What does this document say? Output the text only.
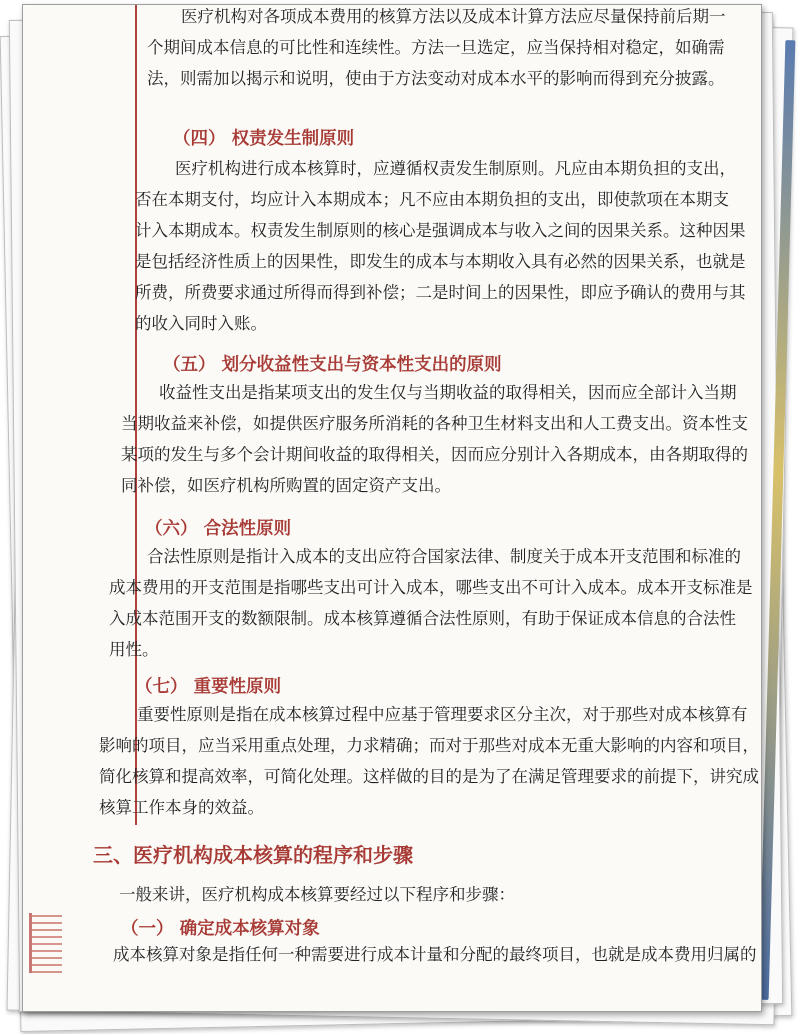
医疗机构对各项成本费用的核算方法以及成本计算方法应尽量保持前后期一
个期间成本信息的可比性和连续性。方法一旦选定，应当保持相对稳定，如确需
法，则需加以揭示和说明，使由于方法变动对成本水平的影响而得到充分披露。

（四） 权责发生制原则

医疗机构进行成本核算时，应遵循权责发生制原则。凡应由本期负担的支出，
否在本期支付，均应计入本期成本；凡不应由本期负担的支出，即使款项在本期支
计入本期成本。权责发生制原则的核心是强调成本与收入之间的因果关系。这种因果
是包括经济性质上的因果性，即发生的成本与本期收入具有必然的因果关系，也就是
所费，所费要求通过所得而得到补偿；二是时间上的因果性，即应予确认的费用与其
的收入同时入账。

（五） 划分收益性支出与资本性支出的原则

收益性支出是指某项支出的发生仅与当期收益的取得相关，因而应全部计入当期
当期收益来补偿，如提供医疗服务所消耗的各种卫生材料支出和人工费支出。资本性支
某项的发生与多个会计期间收益的取得相关，因而应分别计入各期成本，由各期取得的
同补偿，如医疗机构所购置的固定资产支出。

（六） 合法性原则

合法性原则是指计入成本的支出应符合国家法律、制度关于成本开支范围和标准的
成本费用的开支范围是指哪些支出可计入成本，哪些支出不可计入成本。成本开支标准是
入成本范围开支的数额限制。成本核算遵循合法性原则，有助于保证成本信息的合法性
用性。

（七） 重要性原则

重要性原则是指在成本核算过程中应基于管理要求区分主次，对于那些对成本核算有
影响的项目，应当采用重点处理，力求精确；而对于那些对成本无重大影响的内容和项目，
简化核算和提高效率，可简化处理。这样做的目的是为了在满足管理要求的前提下，讲究成
核算工作本身的效益。

三、医疗机构成本核算的程序和步骤

一般来讲，医疗机构成本核算要经过以下程序和步骤：

（一） 确定成本核算对象

成本核算对象是指任何一种需要进行成本计量和分配的最终项目，也就是成本费用归属的
